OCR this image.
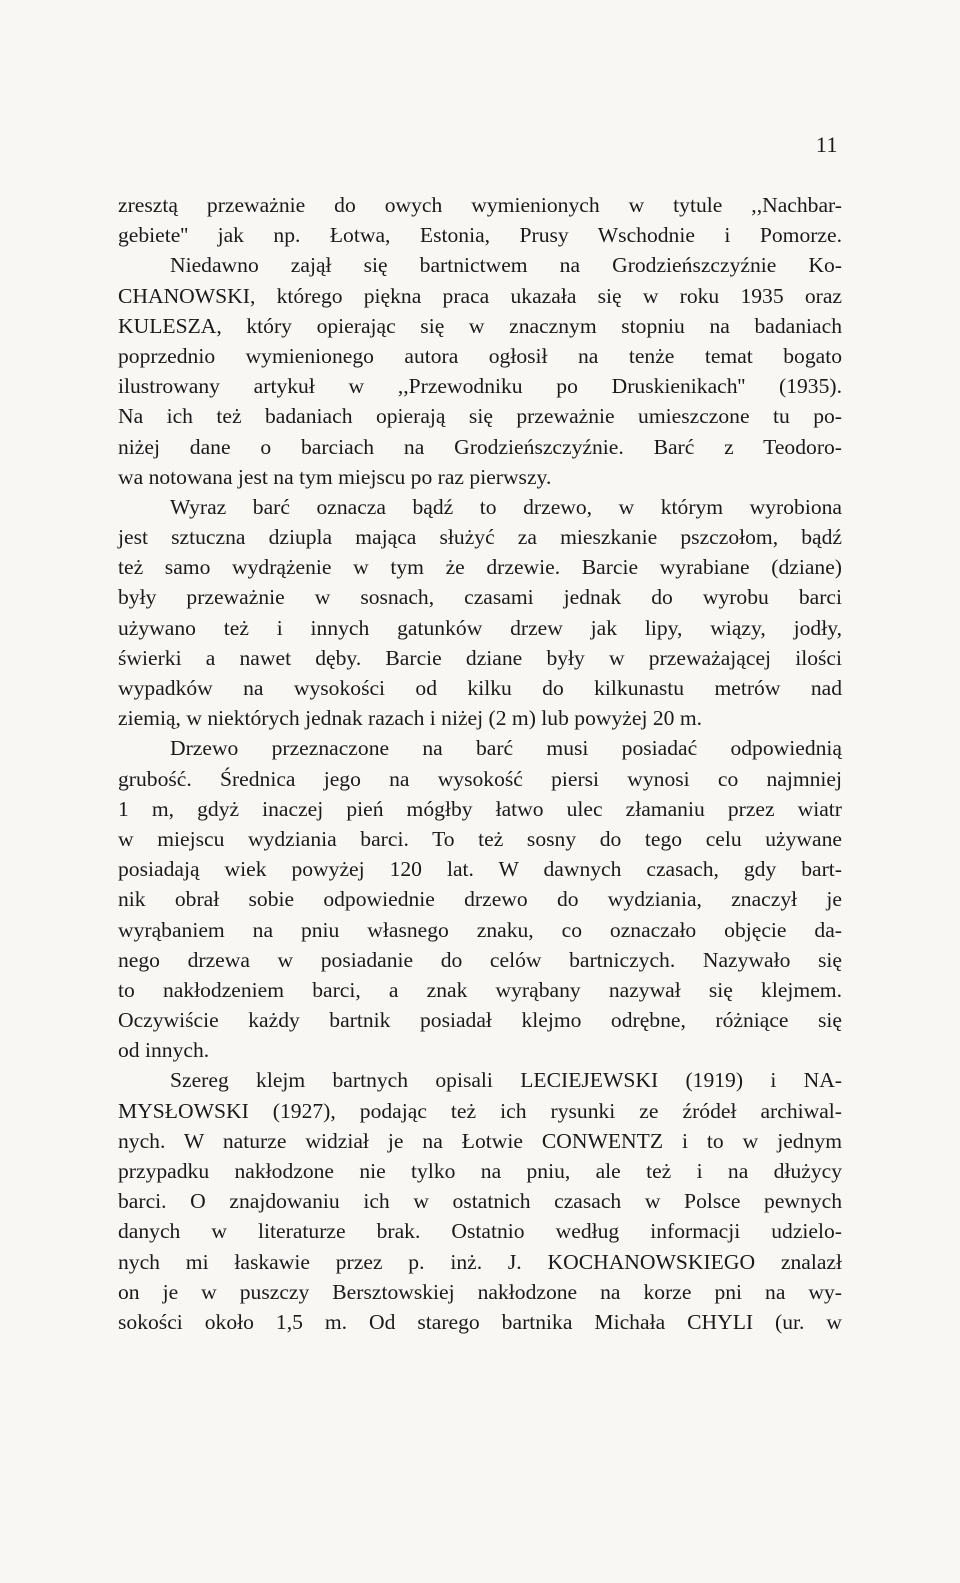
11
zresztą przeważnie do owych wymienionych w tytule ,,Nachbar-
gebiete'' jak np. Łotwa, Estonia, Prusy Wschodnie i Pomorze.
Niedawno zajął się bartnictwem na Grodzieńszczyźnie Ko-
CHANOWSKI, którego piękna praca ukazała się w roku 1935 oraz
KULESZA, który opierając się w znacznym stopniu na badaniach
poprzednio wymienionego autora ogłosił na tenże temat bogato
ilustrowany artykuł w ,,Przewodniku po Druskienikach'' (1935).
Na ich też badaniach opierają się przeważnie umieszczone tu po-
niżej dane o barciach na Grodzieńszczyźnie. Barć z Teodoro-
wa notowana jest na tym miejscu po raz pierwszy.
Wyraz barć oznacza bądź to drzewo, w którym wyrobiona
jest sztuczna dziupla mająca służyć za mieszkanie pszczołom, bądź
też samo wydrążenie w tym że drzewie. Barcie wyrabiane (dziane)
były przeważnie w sosnach, czasami jednak do wyrobu barci
używano też i innych gatunków drzew jak lipy, wiązy, jodły,
świerki a nawet dęby. Barcie dziane były w przeważającej ilości
wypadków na wysokości od kilku do kilkunastu metrów nad
ziemią, w niektórych jednak razach i niżej (2 m) lub powyżej 20 m.
Drzewo przeznaczone na barć musi posiadać odpowiednią
grubość. Średnica jego na wysokość piersi wynosi co najmniej
1 m, gdyż inaczej pień mógłby łatwo ulec złamaniu przez wiatr
w miejscu wydziania barci. To też sosny do tego celu używane
posiadają wiek powyżej 120 lat. W dawnych czasach, gdy bart-
nik obrał sobie odpowiednie drzewo do wydziania, znaczył je
wyrąbaniem na pniu własnego znaku, co oznaczało objęcie da-
nego drzewa w posiadanie do celów bartniczych. Nazywało się
to nakłodzeniem barci, a znak wyrąbany nazywał się klejmem.
Oczywiście każdy bartnik posiadał klejmo odrębne, różniące się
od innych.
Szereg klejm bartnych opisali LECIEJEWSKI (1919) i NA-
MYSŁOWSKI (1927), podając też ich rysunki ze źródeł archiwal-
nych. W naturze widział je na Łotwie CONWENTZ i to w jednym
przypadku nakłodzone nie tylko na pniu, ale też i na dłużycy
barci. O znajdowaniu ich w ostatnich czasach w Polsce pewnych
danych w literaturze brak. Ostatnio według informacji udzielo-
nych mi łaskawie przez p. inż. J. KOCHANOWSKIEGO znalazł
on je w puszczy Bersztowskiej nakłodzone na korze pni na wy-
sokości około 1,5 m. Od starego bartnika Michała CHYLI (ur. w
